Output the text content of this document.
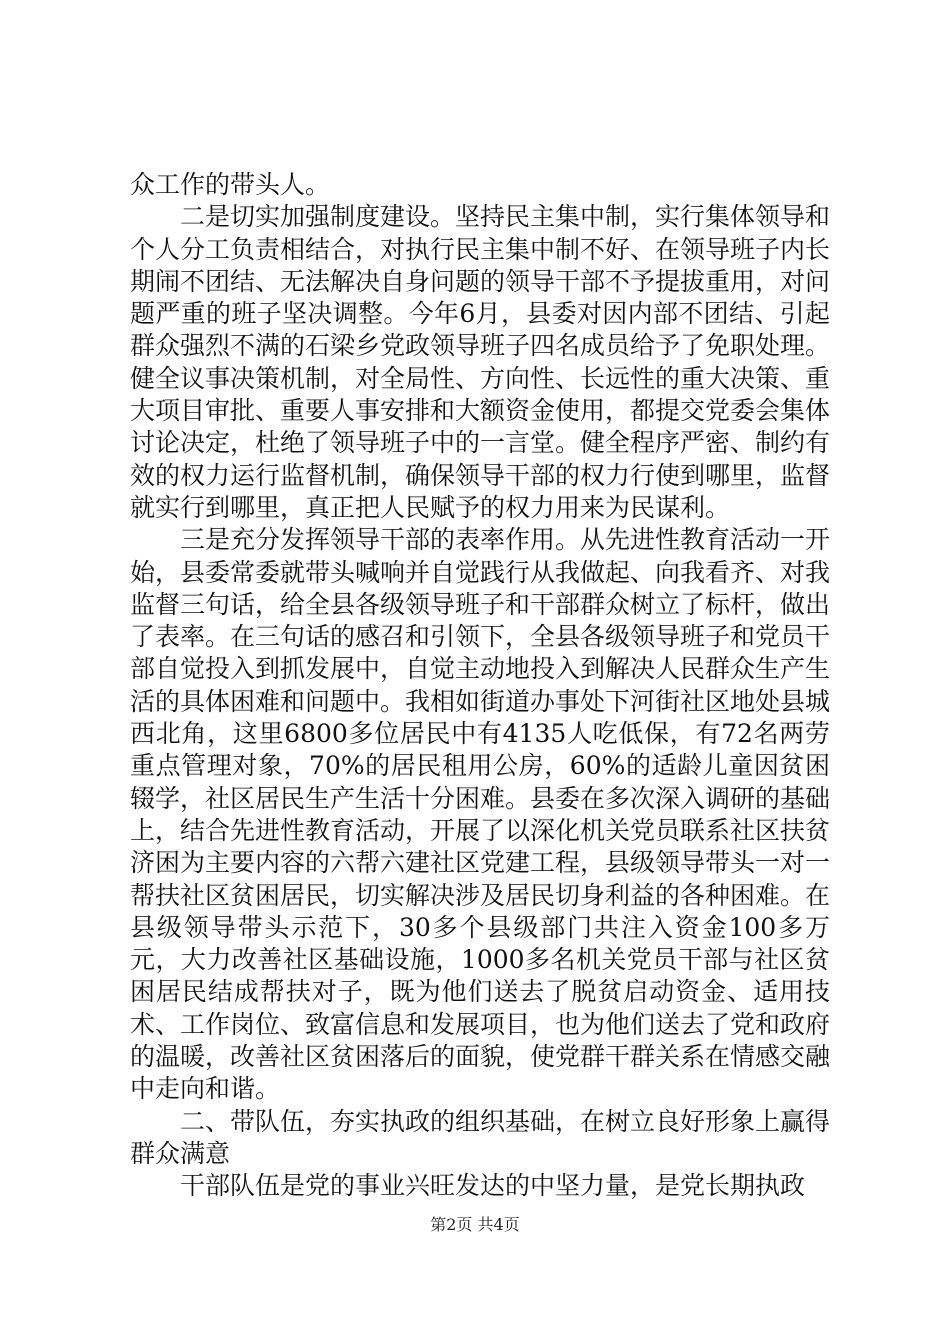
众工作的带头人。

二是切实加强制度建设。坚持民主集中制，实行集体领导和个人分工负责相结合，对执行民主集中制不好、在领导班子内长期闹不团结、无法解决自身问题的领导干部不予提拔重用，对问题严重的班子坚决调整。今年6月，县委对因内部不团结、引起群众强烈不满的石梁乡党政领导班子四名成员给予了免职处理。健全议事决策机制，对全局性、方向性、长远性的重大决策、重大项目审批、重要人事安排和大额资金使用，都提交党委会集体讨论决定，杜绝了领导班子中的一言堂。健全程序严密、制约有效的权力运行监督机制，确保领导干部的权力行使到哪里，监督就实行到哪里，真正把人民赋予的权力用来为民谋利。

三是充分发挥领导干部的表率作用。从先进性教育活动一开始，县委常委就带头喊响并自觉践行从我做起、向我看齐、对我监督三句话，给全县各级领导班子和干部群众树立了标杆，做出了表率。在三句话的感召和引领下，全县各级领导班子和党员干部自觉投入到抓发展中，自觉主动地投入到解决人民群众生产生活的具体困难和问题中。我相如街道办事处下河街社区地处县城西北角，这里6800多位居民中有4135人吃低保，有72名两劳重点管理对象，70%的居民租用公房，60%的适龄儿童因贫困辍学，社区居民生产生活十分困难。县委在多次深入调研的基础上，结合先进性教育活动，开展了以深化机关党员联系社区扶贫济困为主要内容的六帮六建社区党建工程，县级领导带头一对一帮扶社区贫困居民，切实解决涉及居民切身利益的各种困难。在县级领导带头示范下，30多个县级部门共注入资金100多万元，大力改善社区基础设施，1000多名机关党员干部与社区贫困居民结成帮扶对子，既为他们送去了脱贫启动资金、适用技术、工作岗位、致富信息和发展项目，也为他们送去了党和政府的温暖，改善社区贫困落后的面貌，使党群干群关系在情感交融中走向和谐。

二、带队伍，夯实执政的组织基础，在树立良好形象上赢得群众满意

干部队伍是党的事业兴旺发达的中坚力量，是党长期执政

第2页 共4页
